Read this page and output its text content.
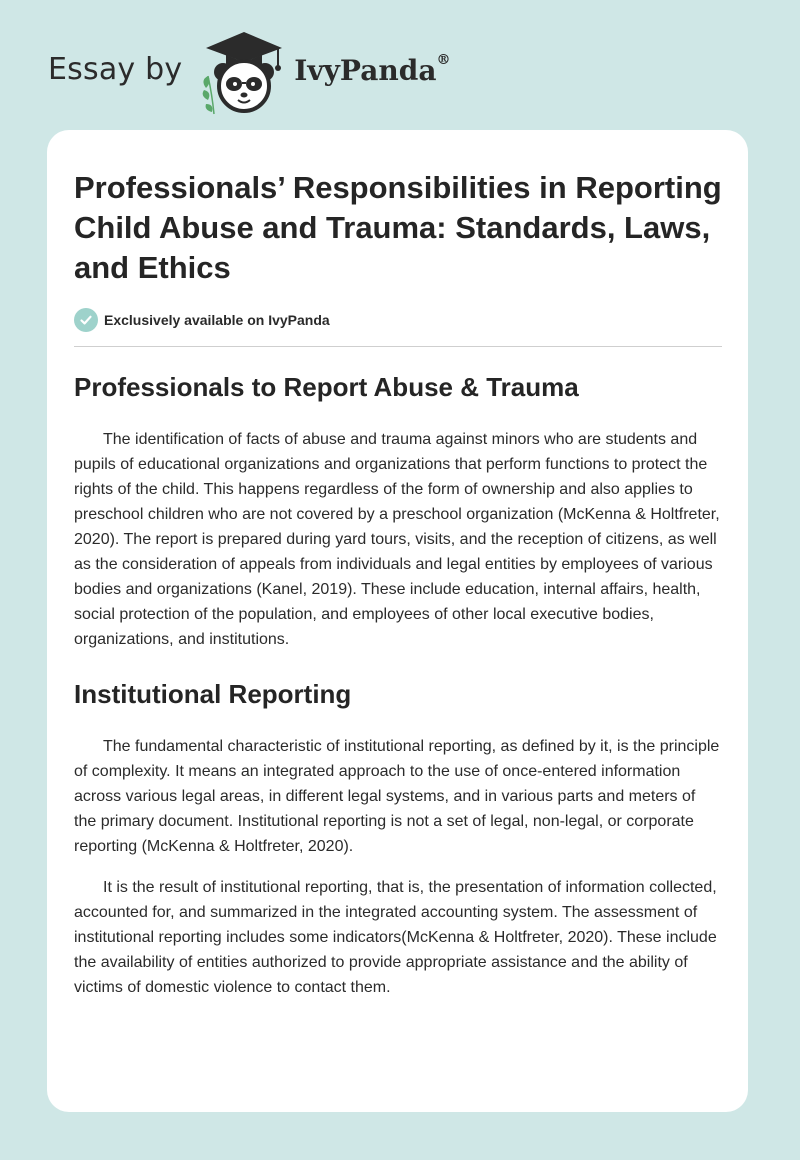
Essay by	IvyPanda®
Professionals’ Responsibilities in Reporting Child Abuse and Trauma: Standards, Laws, and Ethics
Exclusively available on IvyPanda
Professionals to Report Abuse & Trauma

The identification of facts of abuse and trauma against minors who are students and pupils of educational organizations and organizations that perform functions to protect the rights of the child. This happens regardless of the form of ownership and also applies to preschool children who are not covered by a preschool organization (McKenna & Holtfreter, 2020). The report is prepared during yard tours, visits, and the reception of citizens, as well as the consideration of appeals from individuals and legal entities by employees of various bodies and organizations (Kanel, 2019). These include education, internal affairs, health, social protection of the population, and employees of other local executive bodies, organizations, and institutions.

Institutional Reporting

The fundamental characteristic of institutional reporting, as defined by it, is the principle of complexity. It means an integrated approach to the use of once-entered information across various legal areas, in different legal systems, and in various parts and meters of the primary document. Institutional reporting is not a set of legal, non-legal, or corporate reporting (McKenna & Holtfreter, 2020).

It is the result of institutional reporting, that is, the presentation of information collected, accounted for, and summarized in the integrated accounting system. The assessment of institutional reporting includes some indicators(McKenna & Holtfreter, 2020). These include the availability of entities authorized to provide appropriate assistance and the ability of victims of domestic violence to contact them.
